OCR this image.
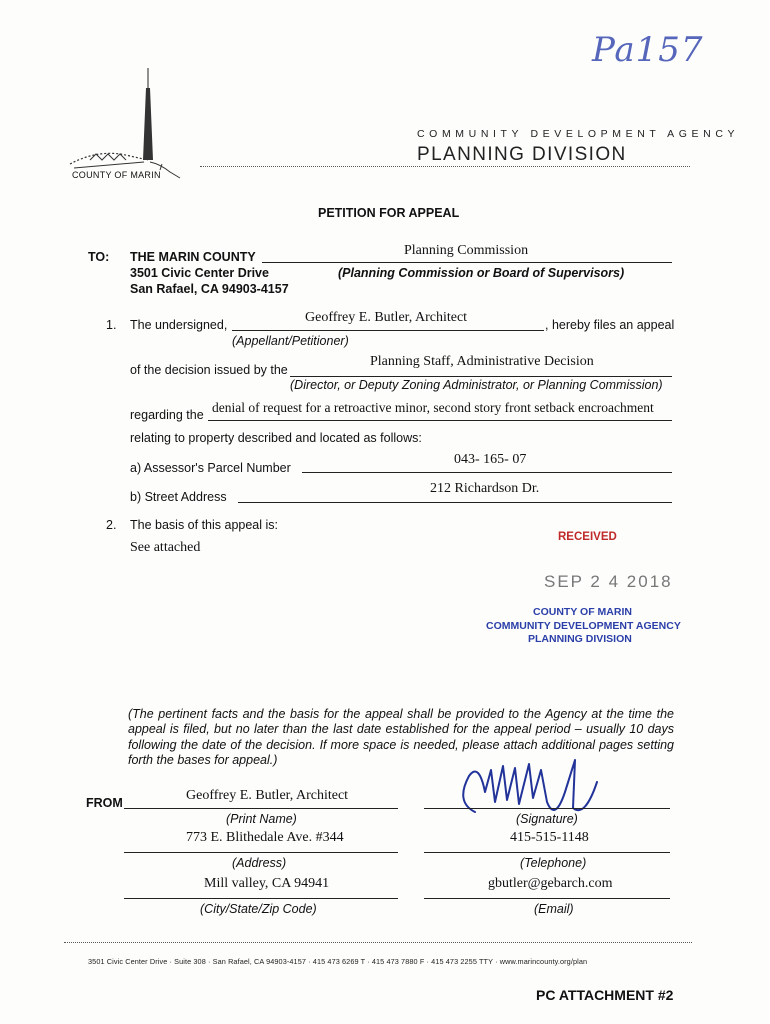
Pa157
COUNTY OF MARIN
COMMUNITY DEVELOPMENT AGENCY
PLANNING DIVISION
PETITION FOR APPEAL
TO: THE MARIN COUNTY	Planning Commission
3501 Civic Center Drive	(Planning Commission or Board of Supervisors)
San Rafael, CA 94903-4157
1. The undersigned,	Geoffrey E. Butler, Architect	, hereby files an appeal
(Appellant/Petitioner)
of the decision issued by the
Planning Staff, Administrative Decision
(Director, or Deputy Zoning Administrator, or Planning Commission)
regarding the denial of request for a retroactive minor, second story front setback encroachment
relating to property described and located as follows:
a) Assessor's Parcel Number
043- 165- 07
b) Street Address
212 Richardson Dr.
2. The basis of this appeal is:
See attached
RECEIVED
SEP 2 4 2018
COUNTY OF MARIN
COMMUNITY DEVELOPMENT AGENCY
PLANNING DIVISION
(The pertinent facts and the basis for the appeal shall be provided to the Agency at the time the appeal is filed, but no later than the last date established for the appeal period – usually 10 days following the date of the decision. If more space is needed, please attach additional pages setting forth the bases for appeal.)
FROM	Geoffrey E. Butler, Architect
(Print Name)	(Signature)
773 E. Blithedale Ave. #344
(Address)
415-515-1148
(Telephone)
Mill valley, CA 94941
(City/State/Zip Code)
gbutler@gebarch.com
(Email)
3501 Civic Center Drive · Suite 308 · San Rafael, CA 94903-4157 · 415 473 6269 T · 415 473 7880 F · 415 473 2255 TTY · www.marincounty.org/plan
PC ATTACHMENT #2
